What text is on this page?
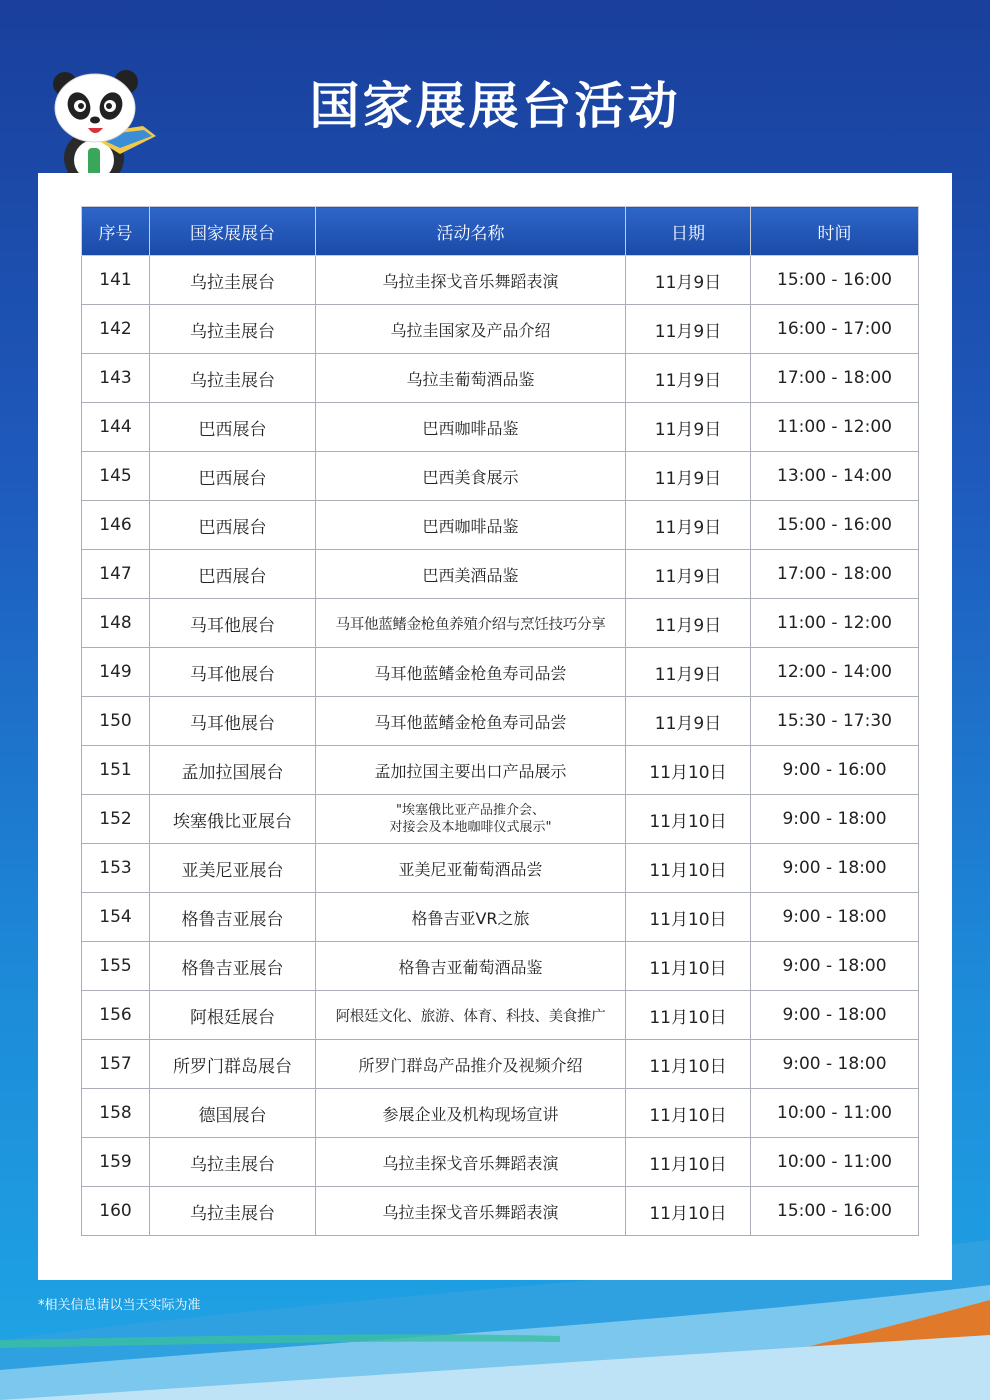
国家展展台活动
序号	国家展展台	活动名称	日期	时间
141	乌拉圭展台	乌拉圭探戈音乐舞蹈表演	11月9日	15:00 - 16:00
142	乌拉圭展台	乌拉圭国家及产品介绍	11月9日	16:00 - 17:00
143	乌拉圭展台	乌拉圭葡萄酒品鉴	11月9日	17:00 - 18:00
144	巴西展台	巴西咖啡品鉴	11月9日	11:00 - 12:00
145	巴西展台	巴西美食展示	11月9日	13:00 - 14:00
146	巴西展台	巴西咖啡品鉴	11月9日	15:00 - 16:00
147	巴西展台	巴西美酒品鉴	11月9日	17:00 - 18:00
148	马耳他展台	马耳他蓝鳍金枪鱼养殖介绍与烹饪技巧分享	11月9日	11:00 - 12:00
149	马耳他展台	马耳他蓝鳍金枪鱼寿司品尝	11月9日	12:00 - 14:00
150	马耳他展台	马耳他蓝鳍金枪鱼寿司品尝	11月9日	15:30 - 17:30
151	孟加拉国展台	孟加拉国主要出口产品展示	11月10日	9:00 - 16:00
152	埃塞俄比亚展台	"埃塞俄比亚产品推介会、
对接会及本地咖啡仪式展示"	11月10日	9:00 - 18:00
153	亚美尼亚展台	亚美尼亚葡萄酒品尝	11月10日	9:00 - 18:00
154	格鲁吉亚展台	格鲁吉亚VR之旅	11月10日	9:00 - 18:00
155	格鲁吉亚展台	格鲁吉亚葡萄酒品鉴	11月10日	9:00 - 18:00
156	阿根廷展台	阿根廷文化、旅游、体育、科技、美食推广	11月10日	9:00 - 18:00
157	所罗门群岛展台	所罗门群岛产品推介及视频介绍	11月10日	9:00 - 18:00
158	德国展台	参展企业及机构现场宣讲	11月10日	10:00 - 11:00
159	乌拉圭展台	乌拉圭探戈音乐舞蹈表演	11月10日	10:00 - 11:00
160	乌拉圭展台	乌拉圭探戈音乐舞蹈表演	11月10日	15:00 - 16:00
*相关信息请以当天实际为准
